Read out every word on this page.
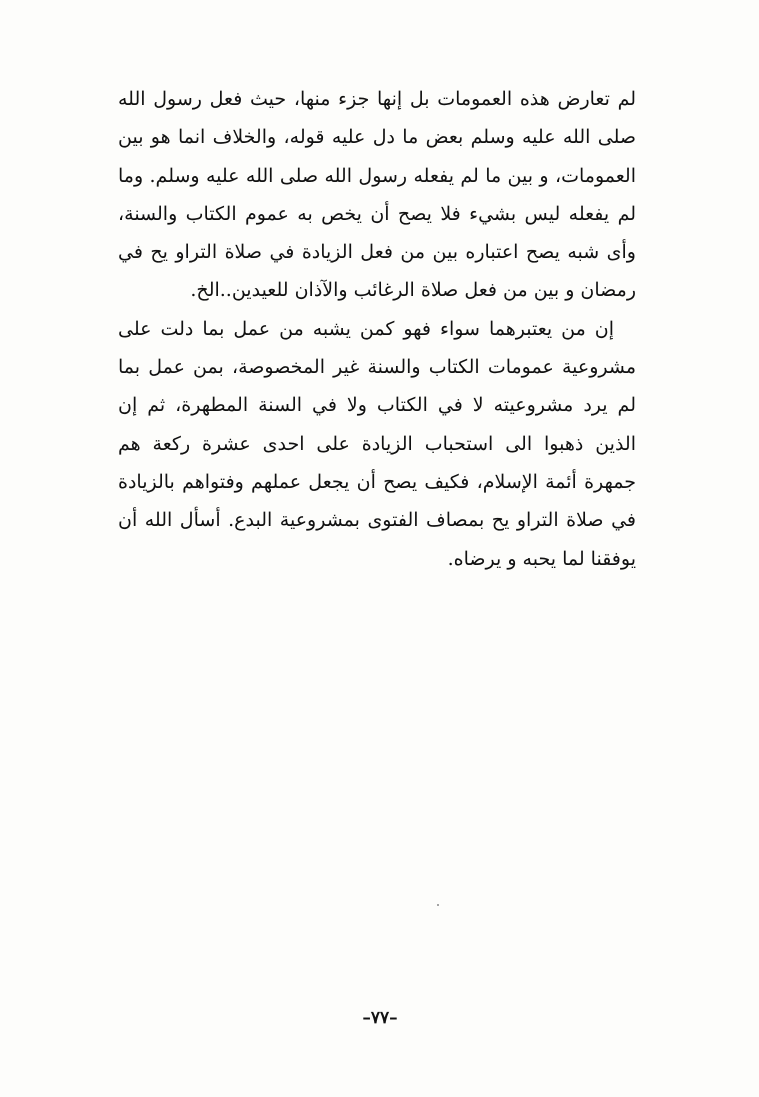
لم تعارض هذه العمومات بل إنها جزء منها، حيث فعل رسول الله صلى الله عليه وسلم بعض ما دل عليه قوله، والخلاف انما هو بين العمومات، و بين ما لم يفعله رسول الله صلى الله عليه وسلم. وما لم يفعله ليس بشيء فلا يصح أن يخص به عموم الكتاب والسنة، وأى شبه يصح اعتباره بين من فعل الزيادة في صلاة التراو يح في رمضان و بين من فعل صلاة الرغائب والآذان للعيدين..الخ.

إن من يعتبرهما سواء فهو كمن يشبه من عمل بما دلت على مشروعية عمومات الكتاب والسنة غير المخصوصة، بمن عمل بما لم يرد مشروعيته لا في الكتاب ولا في السنة المطهرة، ثم إن الذين ذهبوا الى استحباب الزيادة على احدى عشرة ركعة هم جمهرة أئمة الإسلام، فكيف يصح أن يجعل عملهم وفتواهم بالزيادة في صلاة التراو يح بمصاف الفتوى بمشروعية البدع. أسأل الله أن يوفقنا لما يحبه و يرضاه.

–٧٧–
